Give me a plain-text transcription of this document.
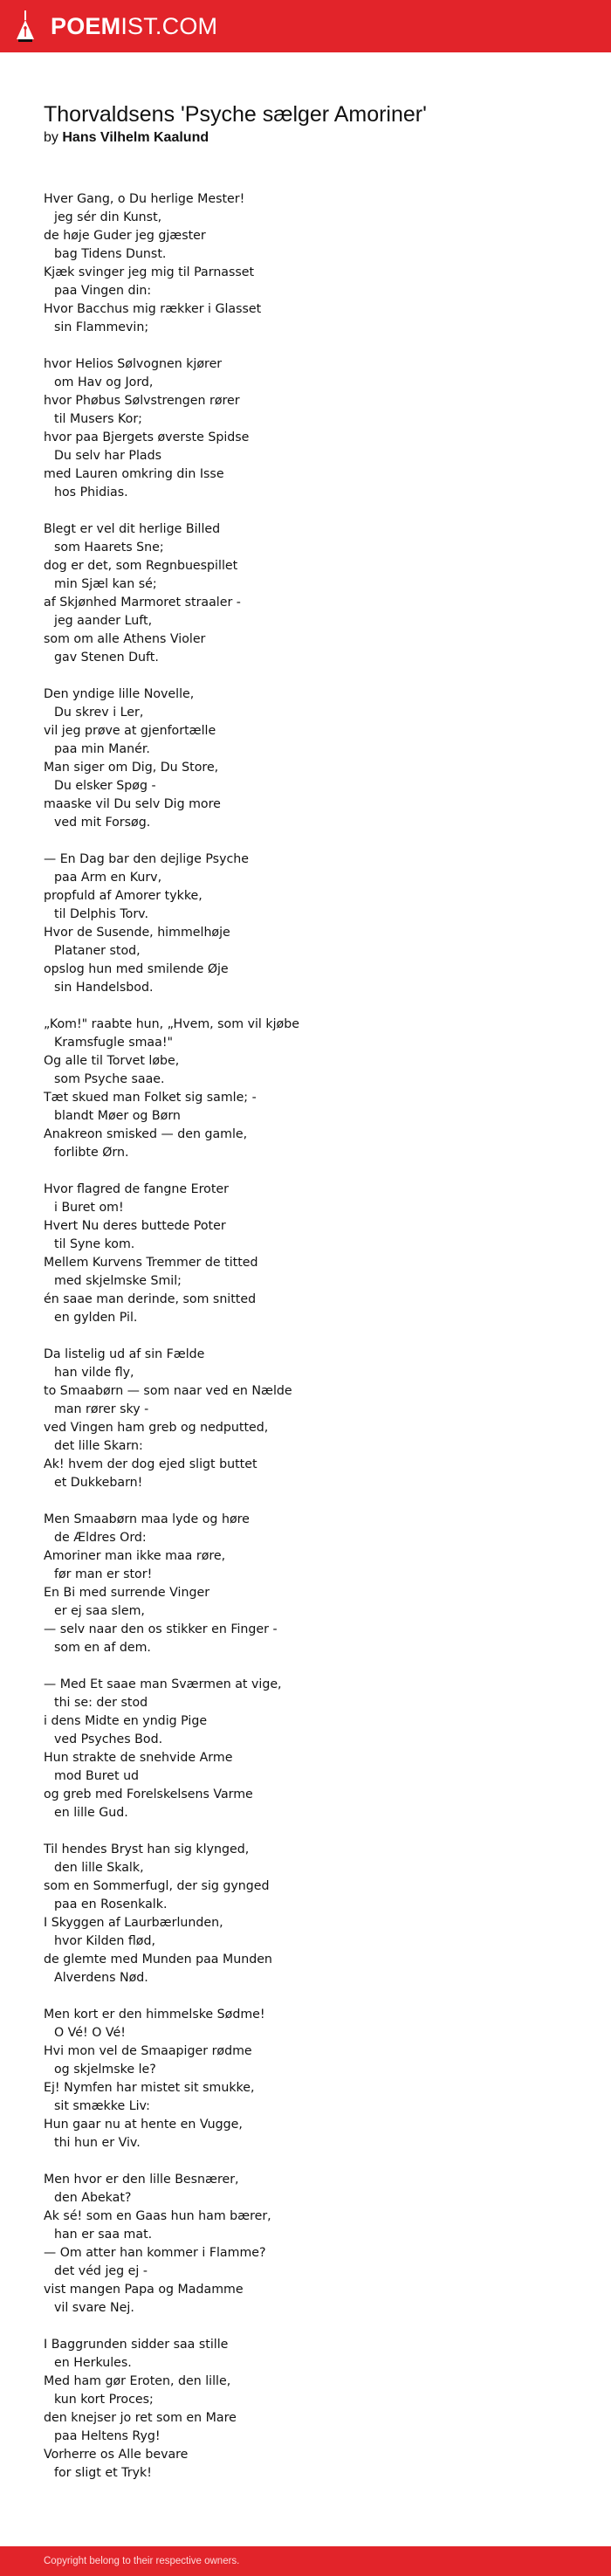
POEMIST.COM
Thorvaldsens 'Psyche sælger Amoriner'
by Hans Vilhelm Kaalund
Hver Gang, o Du herlige Mester!
jeg sér din Kunst,
de høje Guder jeg gjæster
bag Tidens Dunst.
Kjæk svinger jeg mig til Parnasset
paa Vingen din:
Hvor Bacchus mig rækker i Glasset
sin Flammevin;
hvor Helios Sølvognen kjører
om Hav og Jord,
hvor Phøbus Sølvstrengen rører
til Musers Kor;
hvor paa Bjergets øverste Spidse
Du selv har Plads
med Lauren omkring din Isse
hos Phidias.
Blegt er vel dit herlige Billed
som Haarets Sne;
dog er det, som Regnbuespillet
min Sjæl kan sé;
af Skjønhed Marmoret straaler -
jeg aander Luft,
som om alle Athens Violer
gav Stenen Duft.
Den yndige lille Novelle,
Du skrev i Ler,
vil jeg prøve at gjenfortælle
paa min Manér.
Man siger om Dig, Du Store,
Du elsker Spøg -
maaske vil Du selv Dig more
ved mit Forsøg.
— En Dag bar den dejlige Psyche
paa Arm en Kurv,
propfuld af Amorer tykke,
til Delphis Torv.
Hvor de Susende, himmelhøje
Plataner stod,
opslog hun med smilende Øje
sin Handelsbod.
„Kom!" raabte hun, „Hvem, som vil kjøbe
Kramsfugle smaa!"
Og alle til Torvet løbe,
som Psyche saae.
Tæt skued man Folket sig samle; -
blandt Møer og Børn
Anakreon smisked — den gamle,
forlibte Ørn.
Hvor flagred de fangne Eroter
i Buret om!
Hvert Nu deres buttede Poter
til Syne kom.
Mellem Kurvens Tremmer de titted
med skjelmske Smil;
én saae man derinde, som snitted
en gylden Pil.
Da listelig ud af sin Fælde
han vilde fly,
to Smaabørn — som naar ved en Nælde
man rører sky -
ved Vingen ham greb og nedputted,
det lille Skarn:
Ak! hvem der dog ejed sligt buttet
et Dukkebarn!
Men Smaabørn maa lyde og høre
de Ældres Ord:
Amoriner man ikke maa røre,
før man er stor!
En Bi med surrende Vinger
er ej saa slem,
— selv naar den os stikker en Finger -
som en af dem.
— Med Et saae man Sværmen at vige,
thi se: der stod
i dens Midte en yndig Pige
ved Psyches Bod.
Hun strakte de snehvide Arme
mod Buret ud
og greb med Forelskelsens Varme
en lille Gud.
Til hendes Bryst han sig klynged,
den lille Skalk,
som en Sommerfugl, der sig gynged
paa en Rosenkalk.
I Skyggen af Laurbærlunden,
hvor Kilden flød,
de glemte med Munden paa Munden
Alverdens Nød.
Men kort er den himmelske Sødme!
O Vé! O Vé!
Hvi mon vel de Smaapiger rødme
og skjelmske le?
Ej! Nymfen har mistet sit smukke,
sit smække Liv:
Hun gaar nu at hente en Vugge,
thi hun er Viv.
Men hvor er den lille Besnærer,
den Abekat?
Ak sé! som en Gaas hun ham bærer,
han er saa mat.
— Om atter han kommer i Flamme?
det véd jeg ej -
vist mangen Papa og Madamme
vil svare Nej.
I Baggrunden sidder saa stille
en Herkules.
Med ham gør Eroten, den lille,
kun kort Proces;
den knejser jo ret som en Mare
paa Heltens Ryg!
Vorherre os Alle bevare
for sligt et Tryk!
Copyright belong to their respective owners.
